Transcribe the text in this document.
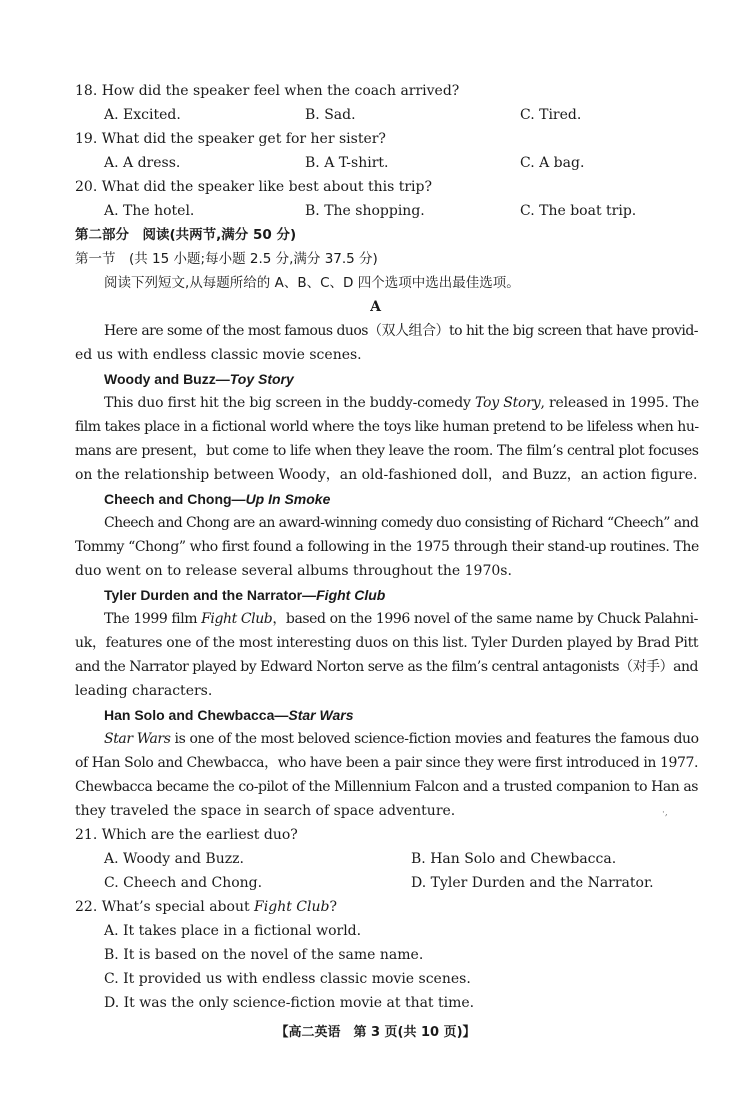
18. How did the speaker feel when the coach arrived?
A. Excited.	B. Sad.	C. Tired.
19. What did the speaker get for her sister?
A. A dress.	B. A T-shirt.	C. A bag.
20. What did the speaker like best about this trip?
A. The hotel.	B. The shopping.	C. The boat trip.
第二部分　阅读(共两节,满分 50 分)
第一节　(共 15 小题;每小题 2.5 分,满分 37.5 分)
阅读下列短文,从每题所给的 A、B、C、D 四个选项中选出最佳选项。
A
Here are some of the most famous duos（双人组合）to hit the big screen that have provid-
ed us with endless classic movie scenes.
Woody and Buzz—Toy Story
This duo first hit the big screen in the buddy-comedy Toy Story, released in 1995. The
film takes place in a fictional world where the toys like human pretend to be lifeless when hu-
mans are present，but come to life when they leave the room. The film’s central plot focuses
on the relationship between Woody，an old-fashioned doll，and Buzz，an action figure.
Cheech and Chong—Up In Smoke
Cheech and Chong are an award-winning comedy duo consisting of Richard “Cheech” and
Tommy “Chong” who first found a following in the 1975 through their stand-up routines. The
duo went on to release several albums throughout the 1970s.
Tyler Durden and the Narrator—Fight Club
The 1999 film Fight Club，based on the 1996 novel of the same name by Chuck Palahni-
uk，features one of the most interesting duos on this list. Tyler Durden played by Brad Pitt
and the Narrator played by Edward Norton serve as the film’s central antagonists（对手）and
leading characters.
Han Solo and Chewbacca—Star Wars
Star Wars is one of the most beloved science-fiction movies and features the famous duo
of Han Solo and Chewbacca，who have been a pair since they were first introduced in 1977.
Chewbacca became the co-pilot of the Millennium Falcon and a trusted companion to Han as
they traveled the space in search of space adventure.	·,
21. Which are the earliest duo?
A. Woody and Buzz.	B. Han Solo and Chewbacca.
C. Cheech and Chong.	D. Tyler Durden and the Narrator.
22. What’s special about Fight Club?
A. It takes place in a fictional world.
B. It is based on the novel of the same name.
C. It provided us with endless classic movie scenes.
D. It was the only science-fiction movie at that time.
【高二英语　第 3 页(共 10 页)】
